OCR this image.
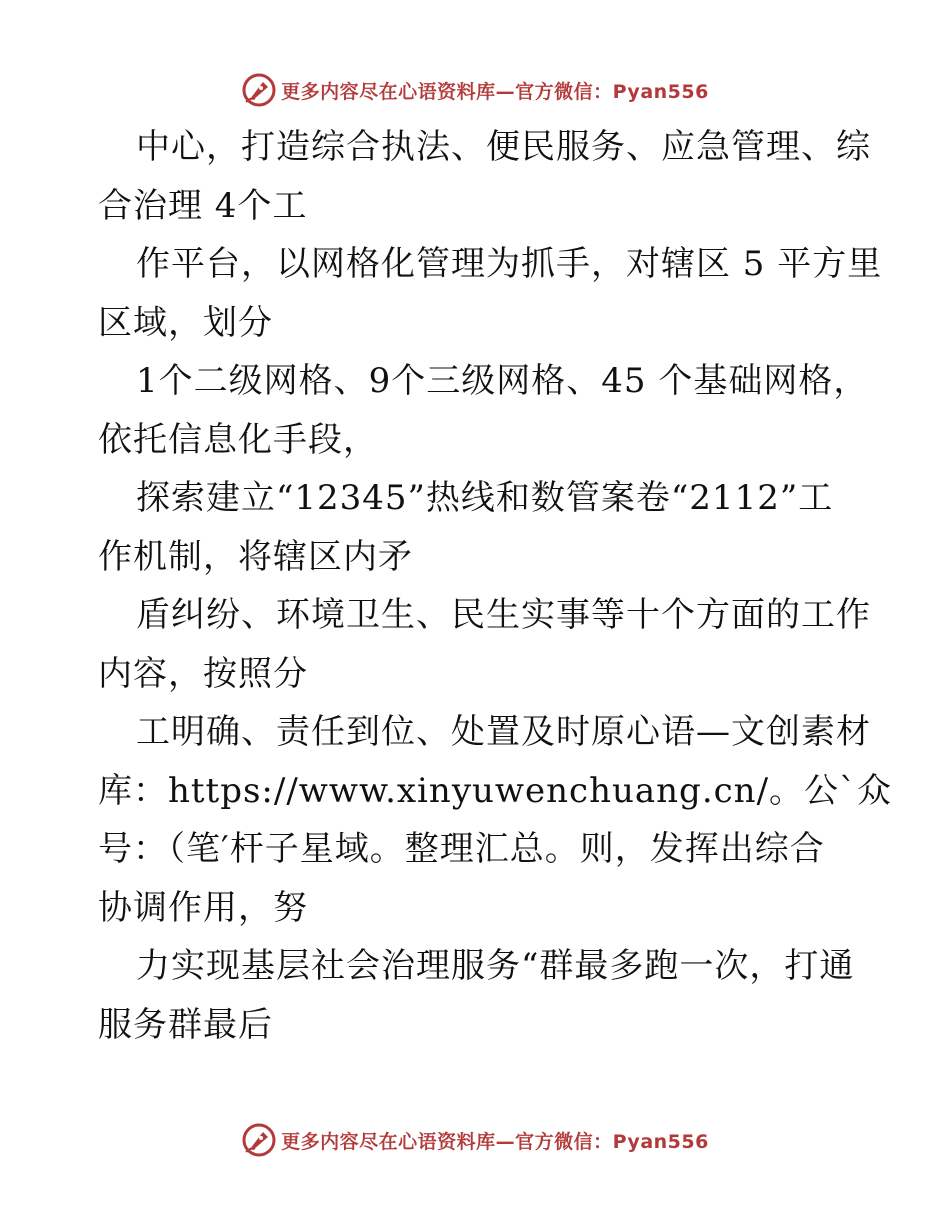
更多内容尽在心语资料库—官方微信：Pyan556
中心，打造综合执法、便民服务、应急管理、综
合治理 4个工
作平台，以网格化管理为抓手，对辖区 5 平方里
区域，划分
1个二级网格、9个三级网格、45 个基础网格，
依托信息化手段，
探索建立“12345”热线和数管案卷“2112”工
作机制，将辖区内矛
盾纠纷、环境卫生、民生实事等十个方面的工作
内容，按照分
工明确、责任到位、处置及时原心语—文创素材
库：https://www.xinyuwenchuang.cn/。公`众
号：（笔′杆子星域。整理汇总。则，发挥出综合
协调作用，努
力实现基层社会治理服务“群最多跑一次，打通
服务群最后
更多内容尽在心语资料库—官方微信：Pyan556
